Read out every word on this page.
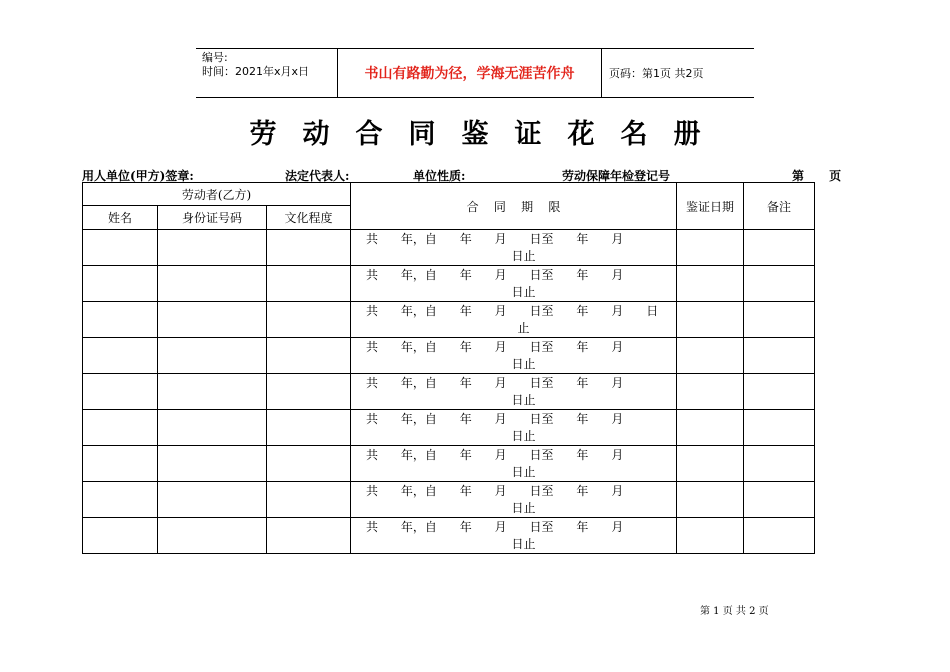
编号:
时间：2021年x月x日	书山有路勤为径，学海无涯苦作舟	页码：第1页 共2页
劳动合同鉴证花名册
用人单位(甲方)签章:	法定代表人:	单位性质:	劳动保障年检登记号	第      页
劳动者(乙方)			合    同    期    限	鉴证日期	备注
姓名	身份证号码	文化程度			

			共      年，自      年      月      日至      年      月
日止		

			共      年，自      年      月      日至      年      月
日止		

			共      年，自      年      月      日至      年      月      日
止		

			共      年，自      年      月      日至      年      月
日止		

			共      年，自      年      月      日至      年      月
日止		

			共      年，自      年      月      日至      年      月
日止		

			共      年，自      年      月      日至      年      月
日止		

			共      年，自      年      月      日至      年      月
日止		

			共      年，自      年      月      日至      年      月
日止		

第 1 页 共 2 页
